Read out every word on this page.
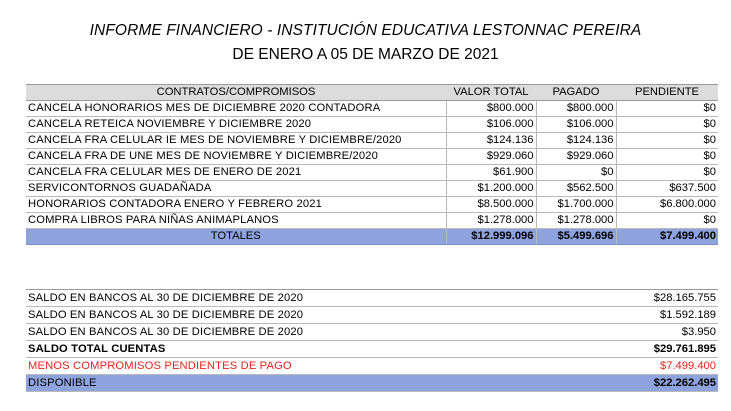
INFORME FINANCIERO - INSTITUCIÓN EDUCATIVA LESTONNAC PEREIRA
DE ENERO A 05 DE MARZO DE 2021
CONTRATOS/COMPROMISOS	VALOR TOTAL	PAGADO	PENDIENTE
CANCELA HONORARIOS MES DE DICIEMBRE 2020 CONTADORA	$800.000	$800.000	$0
CANCELA RETEICA NOVIEMBRE Y DICIEMBRE 2020	$106.000	$106.000	$0
CANCELA FRA CELULAR IE MES DE NOVIEMBRE Y DICIEMBRE/2020	$124.136	$124.136	$0
CANCELA FRA DE UNE MES DE NOVIEMBRE Y DICIEMBRE/2020	$929.060	$929.060	$0
CANCELA FRA CELULAR MES DE ENERO DE 2021	$61.900	$0	$0
SERVICONTORNOS GUADAÑADA	$1.200.000	$562.500	$637.500
HONORARIOS CONTADORA ENERO Y FEBRERO 2021	$8.500.000	$1.700.000	$6.800.000
COMPRA LIBROS PARA NIÑAS ANIMAPLANOS	$1.278.000	$1.278.000	$0
TOTALES	$12.999.096	$5.499.696	$7.499.400
SALDO EN BANCOS AL 30 DE DICIEMBRE DE 2020	$28.165.755
SALDO EN BANCOS AL 30 DE DICIEMBRE DE 2020	$1.592.189
SALDO EN BANCOS AL 30 DE DICIEMBRE DE 2020	$3.950
SALDO TOTAL CUENTAS	$29.761.895
MENOS COMPROMISOS PENDIENTES DE PAGO	$7.499.400
DISPONIBLE	$22.262.495
